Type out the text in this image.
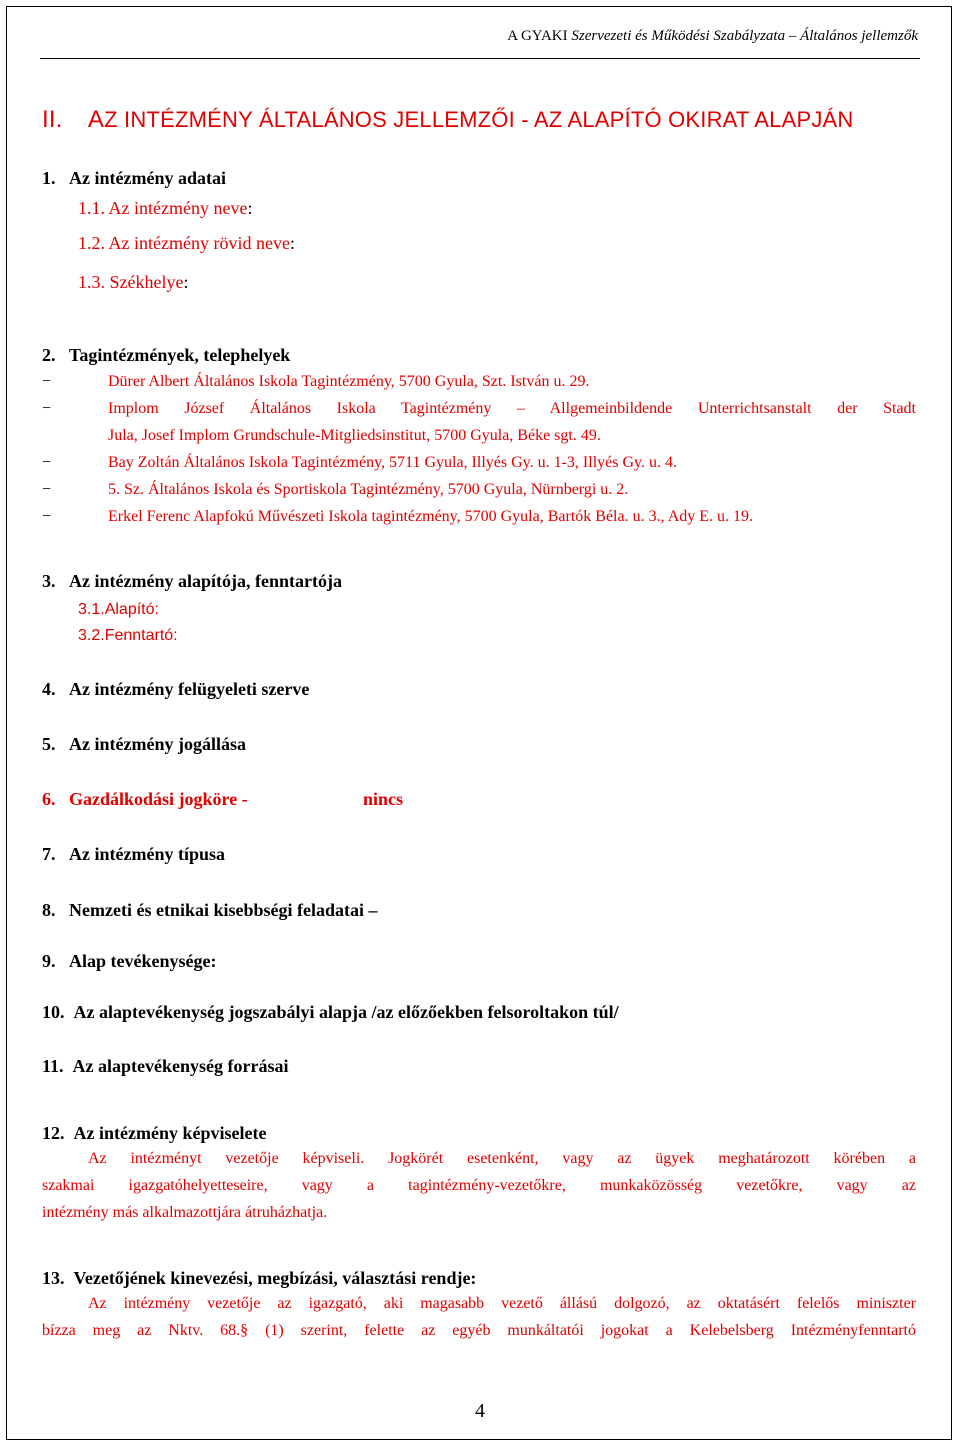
A GYAKI Szervezeti és Működési Szabályzata – Általános jellemzők
II. AZ INTÉZMÉNY ÁLTALÁNOS JELLEMZŐI - AZ ALAPÍTÓ OKIRAT ALAPJÁN
1. Az intézmény adatai
1.1. Az intézmény neve:
1.2. Az intézmény rövid neve:
1.3. Székhelye:
2. Tagintézmények, telephelyek
−	Dürer Albert Általános Iskola Tagintézmény, 5700 Gyula, Szt. István u. 29.
−	Implom József Általános Iskola Tagintézmény – Allgemeinbildende Unterrichtsanstalt der Stadt
Jula, Josef Implom Grundschule-Mitgliedsinstitut, 5700 Gyula, Béke sgt. 49.
−	Bay Zoltán Általános Iskola Tagintézmény, 5711 Gyula, Illyés Gy. u. 1-3, Illyés Gy. u. 4.
−	5. Sz. Általános Iskola és Sportiskola Tagintézmény, 5700 Gyula, Nürnbergi u. 2.
−	Erkel Ferenc Alapfokú Művészeti Iskola tagintézmény, 5700 Gyula, Bartók Béla. u. 3., Ady E. u. 19.
3. Az intézmény alapítója, fenntartója
3.1.Alapító:
3.2.Fenntartó:
4. Az intézmény felügyeleti szerve
5. Az intézmény jogállása
6. Gazdálkodási jogköre -	nincs
7. Az intézmény típusa
8. Nemzeti és etnikai kisebbségi feladatai –
9. Alap tevékenysége:
10. Az alaptevékenység jogszabályi alapja /az előzőekben felsoroltakon túl/
11. Az alaptevékenység forrásai
12. Az intézmény képviselete
Az intézményt vezetője képviseli. Jogkörét esetenként, vagy az ügyek meghatározott körében a
szakmai igazgatóhelyetteseire, vagy a tagintézmény-vezetőkre, munkaközösség vezetőkre, vagy az
intézmény más alkalmazottjára átruházhatja.
13. Vezetőjének kinevezési, megbízási, választási rendje:
Az intézmény vezetője az igazgató, aki magasabb vezető állású dolgozó, az oktatásért felelős miniszter
bízza meg az Nktv. 68.§ (1) szerint, felette az egyéb munkáltatói jogokat a Kelebelsberg Intézményfenntartó
4
